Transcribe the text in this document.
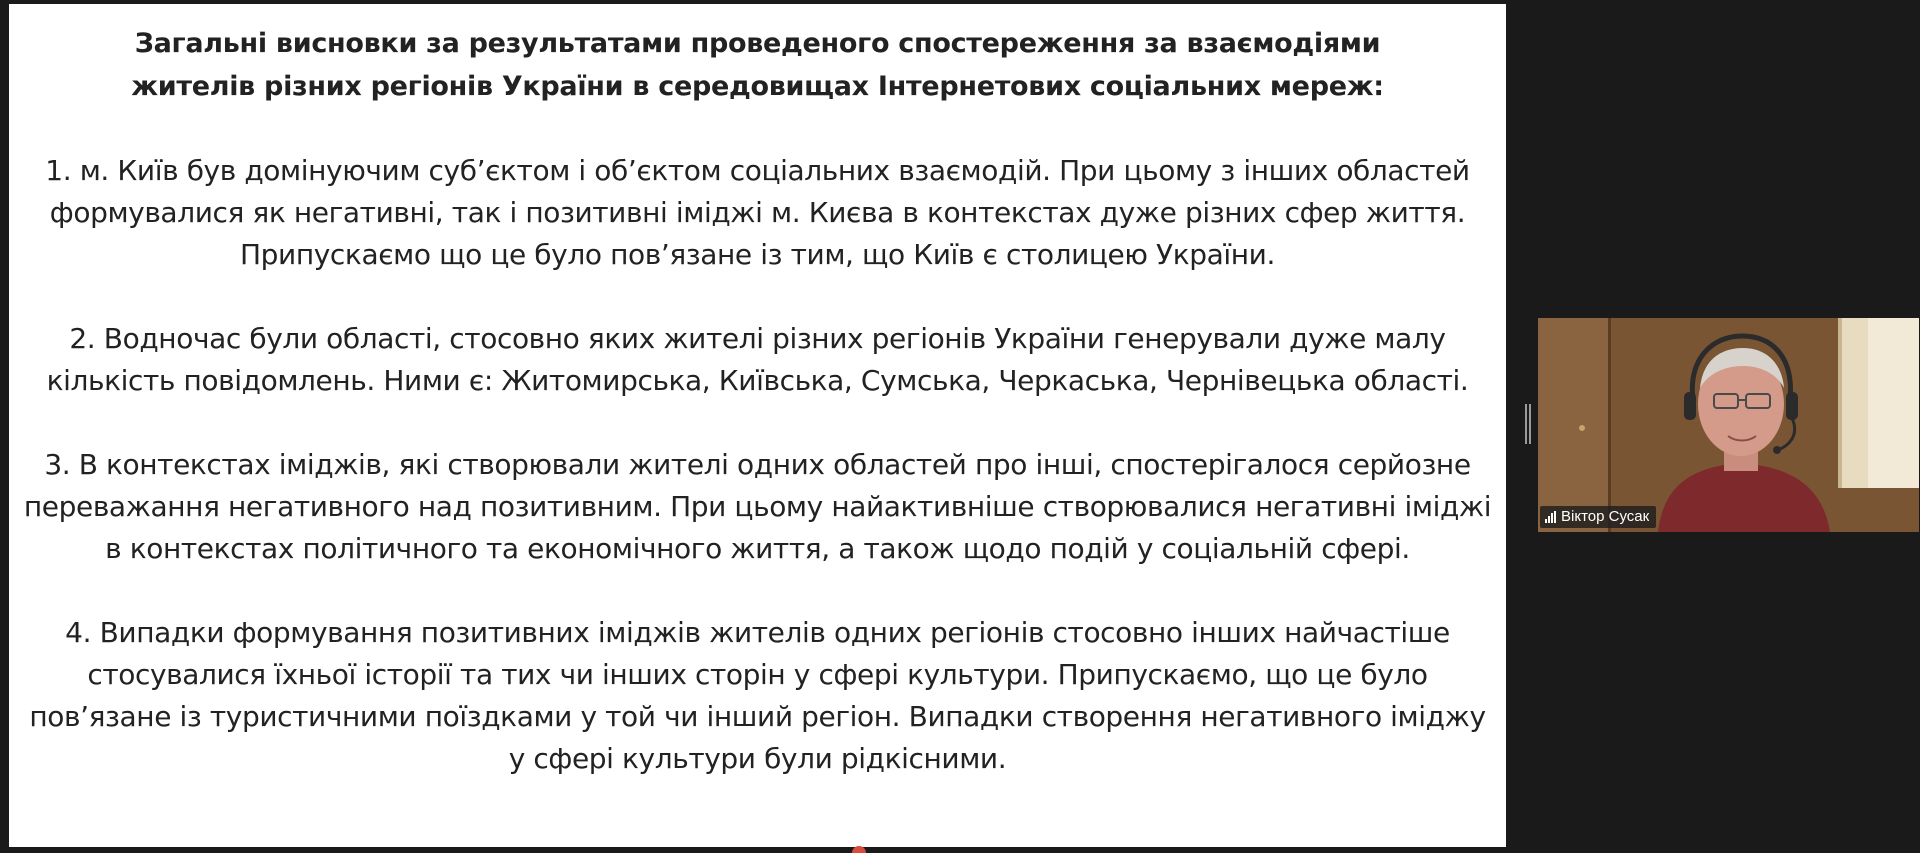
Загальні висновки за результатами проведеного спостереження за взаємодіями жителів різних регіонів України в середовищах Інтернетових соціальних мереж:

1. м. Київ був домінуючим суб’єктом і об’єктом соціальних взаємодій. При цьому з інших областей формувалися як негативні, так і позитивні іміджі м. Києва в контекстах дуже різних сфер життя. Припускаємо що це було пов’язане із тим, що Київ є столицею України.

2. Водночас були області, стосовно яких жителі різних регіонів України генерували дуже малу кількість повідомлень. Ними є: Житомирська, Київська, Сумська, Черкаська, Чернівецька області.

3. В контекстах іміджів, які створювали жителі одних областей про інші, спостерігалося серйозне переважання негативного над позитивним. При цьому найактивніше створювалися негативні іміджі в контекстах політичного та економічного життя, а також щодо подій у соціальній сфері.

4. Випадки формування позитивних іміджів жителів одних регіонів стосовно інших найчастіше стосувалися їхньої історії та тих чи інших сторін у сфері культури. Припускаємо, що це було пов’язане із туристичними поїздками у той чи інший регіон. Випадки створення негативного іміджу у сфері культури були рідкісними.

Віктор Сусак
